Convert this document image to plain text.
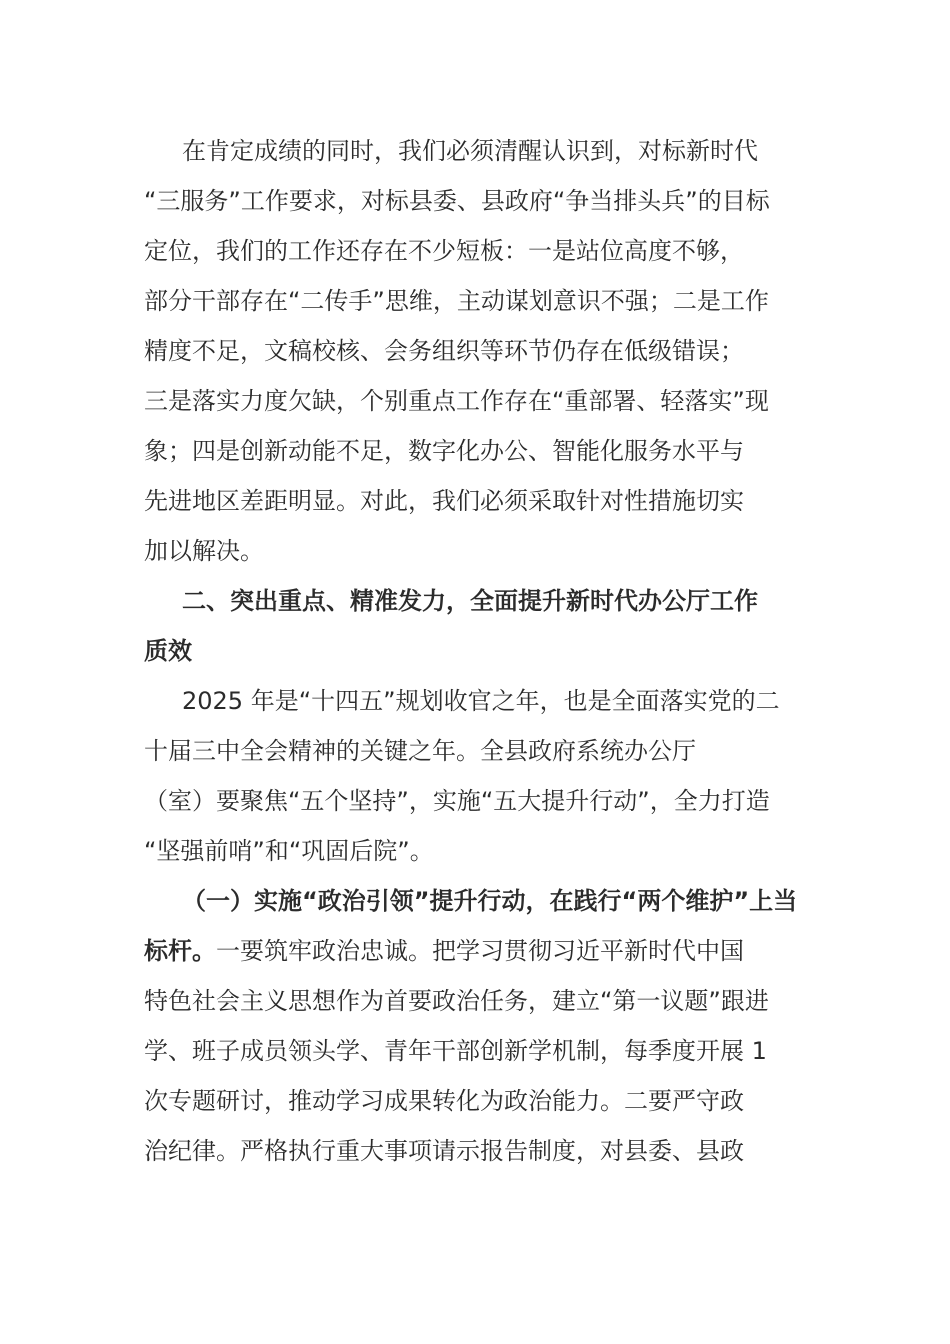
在肯定成绩的同时，我们必须清醒认识到，对标新时代
“三服务”工作要求，对标县委、县政府“争当排头兵”的目标
定位，我们的工作还存在不少短板：一是站位高度不够，
部分干部存在“二传手”思维，主动谋划意识不强；二是工作
精度不足，文稿校核、会务组织等环节仍存在低级错误；
三是落实力度欠缺，个别重点工作存在“重部署、轻落实”现
象；四是创新动能不足，数字化办公、智能化服务水平与
先进地区差距明显。对此，我们必须采取针对性措施切实
加以解决。
二、突出重点、精准发力，全面提升新时代办公厅工作
质效
2025 年是“十四五”规划收官之年，也是全面落实党的二
十届三中全会精神的关键之年。全县政府系统办公厅
（室）要聚焦“五个坚持”，实施“五大提升行动”，全力打造
“坚强前哨”和“巩固后院”。
（一）实施“政治引领”提升行动，在践行“两个维护”上当
标杆。一要筑牢政治忠诚。把学习贯彻习近平新时代中国
特色社会主义思想作为首要政治任务，建立“第一议题”跟进
学、班子成员领头学、青年干部创新学机制，每季度开展 1
次专题研讨，推动学习成果转化为政治能力。二要严守政
治纪律。严格执行重大事项请示报告制度，对县委、县政
